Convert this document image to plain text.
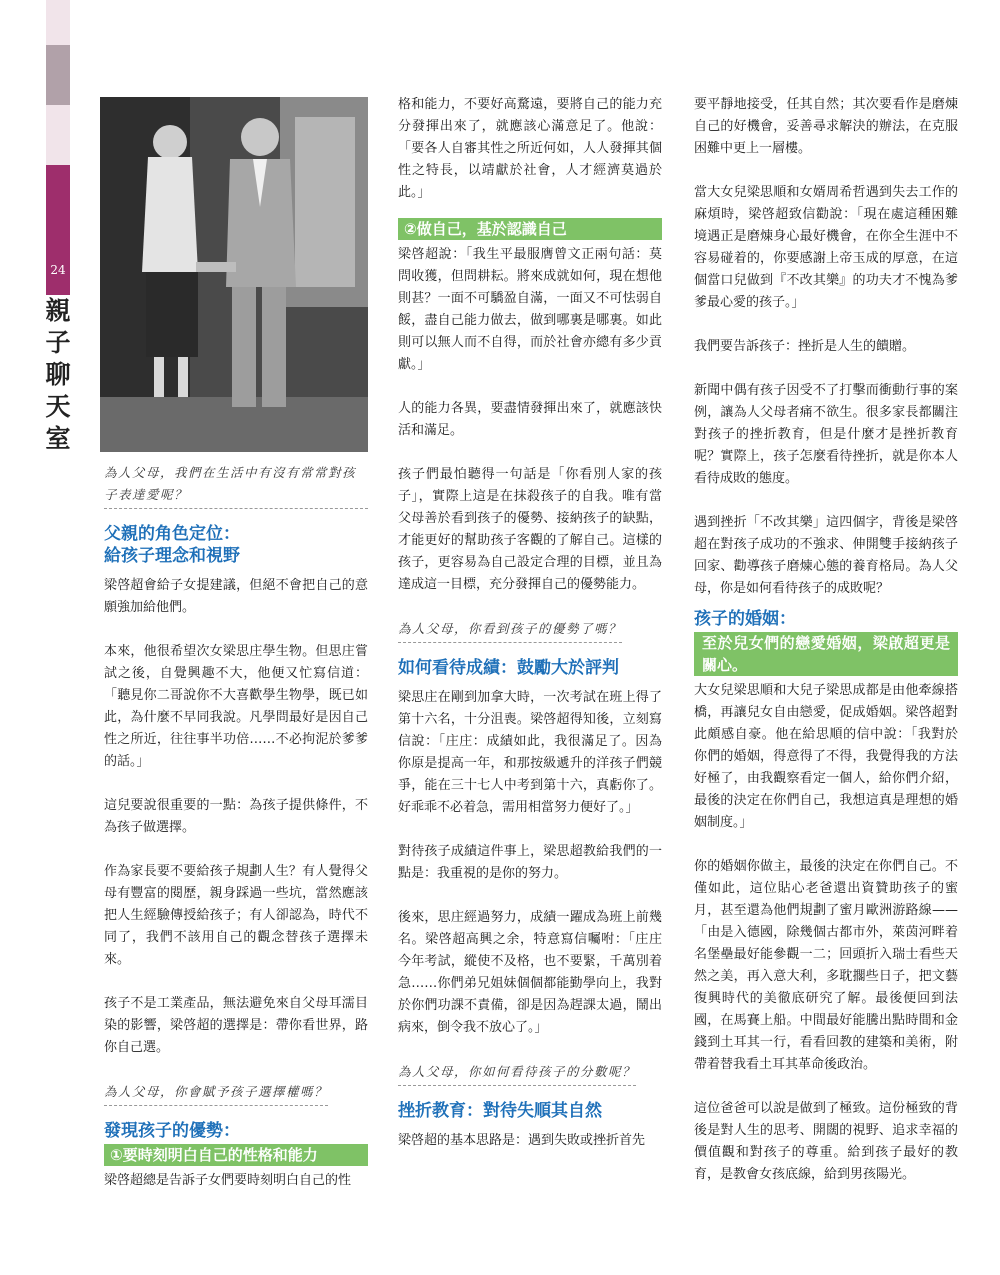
24
親子聊天室
為人父母，我們在生活中有沒有常常對孩子表達愛呢？
父親的角色定位：
給孩子理念和視野

梁啓超會給子女提建議，但絕不會把自己的意願強加給他們。

本來，他很希望次女梁思庄學生物。但思庄嘗試之後，自覺興趣不大，他便又忙寫信道：「聽見你二哥說你不大喜歡學生物學，既已如此，為什麼不早同我說。凡學問最好是因自己性之所近，往往事半功倍……不必拘泥於爹爹的話。」

這兒要說很重要的一點：為孩子提供條件，不為孩子做選擇。

作為家長要不要給孩子規劃人生？有人覺得父母有豐富的閱歷，親身踩過一些坑，當然應該把人生經驗傳授給孩子；有人卻認為，時代不同了，我們不該用自己的觀念替孩子選擇未來。

孩子不是工業產品，無法避免來自父母耳濡目染的影響，梁啓超的選擇是：帶你看世界，路你自己選。

為人父母，你會賦予孩子選擇權嗎？
發現孩子的優勢：
①要時刻明白自己的性格和能力

梁啓超總是告訴子女們要時刻明白自己的性

格和能力，不要好高騖遠，要將自己的能力充分發揮出來了，就應該心滿意足了。他說：「要各人自審其性之所近何如，人人發揮其個性之特長，以靖獻於社會，人才經濟莫過於此。」

②做自己，基於認識自己

梁啓超說：「我生平最服膺曾文正兩句話：莫問收獲，但問耕耘。將來成就如何，現在想他則甚？一面不可驕盈自滿，一面又不可怯弱自餒，盡自己能力做去，做到哪裏是哪裏。如此則可以無人而不自得，而於社會亦總有多少貢獻。」

人的能力各異，要盡情發揮出來了，就應該快活和滿足。

孩子們最怕聽得一句話是「你看別人家的孩子」，實際上這是在抹殺孩子的自我。唯有當父母善於看到孩子的優勢、接納孩子的缺點，才能更好的幫助孩子客觀的了解自己。這樣的孩子，更容易為自己設定合理的目標，並且為達成這一目標，充分發揮自己的優勢能力。

為人父母，你看到孩子的優勢了嗎？
如何看待成績：鼓勵大於評判

梁思庄在剛到加拿大時，一次考試在班上得了第十六名，十分沮喪。梁啓超得知後，立刻寫信說：「庄庄：成績如此，我很滿足了。因為你原是提高一年，和那按級遞升的洋孩子們競爭，能在三十七人中考到第十六，真虧你了。好乖乖不必着急，需用相當努力便好了。」

對待孩子成績這件事上，梁思超教給我們的一點是：我重視的是你的努力。

後來，思庄經過努力，成績一躍成為班上前幾名。梁啓超高興之余，特意寫信囑咐：「庄庄今年考試，縱使不及格，也不要緊，千萬別着急……你們弟兄姐妹個個都能勤學向上，我對於你們功課不責備，卻是因為趕課太過，鬧出病來，倒令我不放心了。」

為人父母，你如何看待孩子的分數呢？
挫折教育：對待失順其自然

梁啓超的基本思路是：遇到失敗或挫折首先

要平靜地接受，任其自然；其次要看作是磨煉自己的好機會，妥善尋求解決的辦法，在克服困難中更上一層樓。

當大女兒梁思順和女婿周希哲遇到失去工作的麻煩時，梁啓超致信勸說：「現在處這種困難境遇正是磨煉身心最好機會，在你全生涯中不容易碰着的，你要感謝上帝玉成的厚意，在這個當口兒做到『不改其樂』的功夫才不愧為爹爹最心愛的孩子。」

我們要告訴孩子：挫折是人生的饋贈。

新聞中偶有孩子因受不了打擊而衝動行事的案例，讓為人父母者痛不欲生。很多家長都關注對孩子的挫折教育，但是什麼才是挫折教育呢？實際上，孩子怎麼看待挫折，就是你本人看待成敗的態度。

遇到挫折「不改其樂」這四個字，背後是梁啓超在對孩子成功的不強求、伸開雙手接納孩子回家、勸導孩子磨煉心態的養育格局。為人父母，你是如何看待孩子的成敗呢？

孩子的婚姻：
至於兒女們的戀愛婚姻，梁啟超更是關心。

大女兒梁思順和大兒子梁思成都是由他牽線搭橋，再讓兒女自由戀愛，促成婚姻。梁啓超對此頗感自豪。他在給思順的信中說：「我對於你們的婚姻，得意得了不得，我覺得我的方法好極了，由我觀察看定一個人，給你們介紹，最後的決定在你們自己，我想這真是理想的婚姻制度。」

你的婚姻你做主，最後的決定在你們自己。不僅如此，這位貼心老爸還出資贊助孩子的蜜月，甚至還為他們規劃了蜜月歐洲游路線——「由是入德國，除幾個古都市外，萊茵河畔着名堡壘最好能參觀一二；回頭折入瑞士看些天然之美，再入意大利，多耽擱些日子，把文藝復興時代的美徹底研究了解。最後便回到法國，在馬賽上船。中間最好能騰出點時間和金錢到土耳其一行，看看回教的建築和美術，附帶着替我看土耳其革命後政治。

這位爸爸可以說是做到了極致。這份極致的背後是對人生的思考、開闊的視野、追求幸福的價值觀和對孩子的尊重。給到孩子最好的教育，是教會女孩底線，給到男孩陽光。
